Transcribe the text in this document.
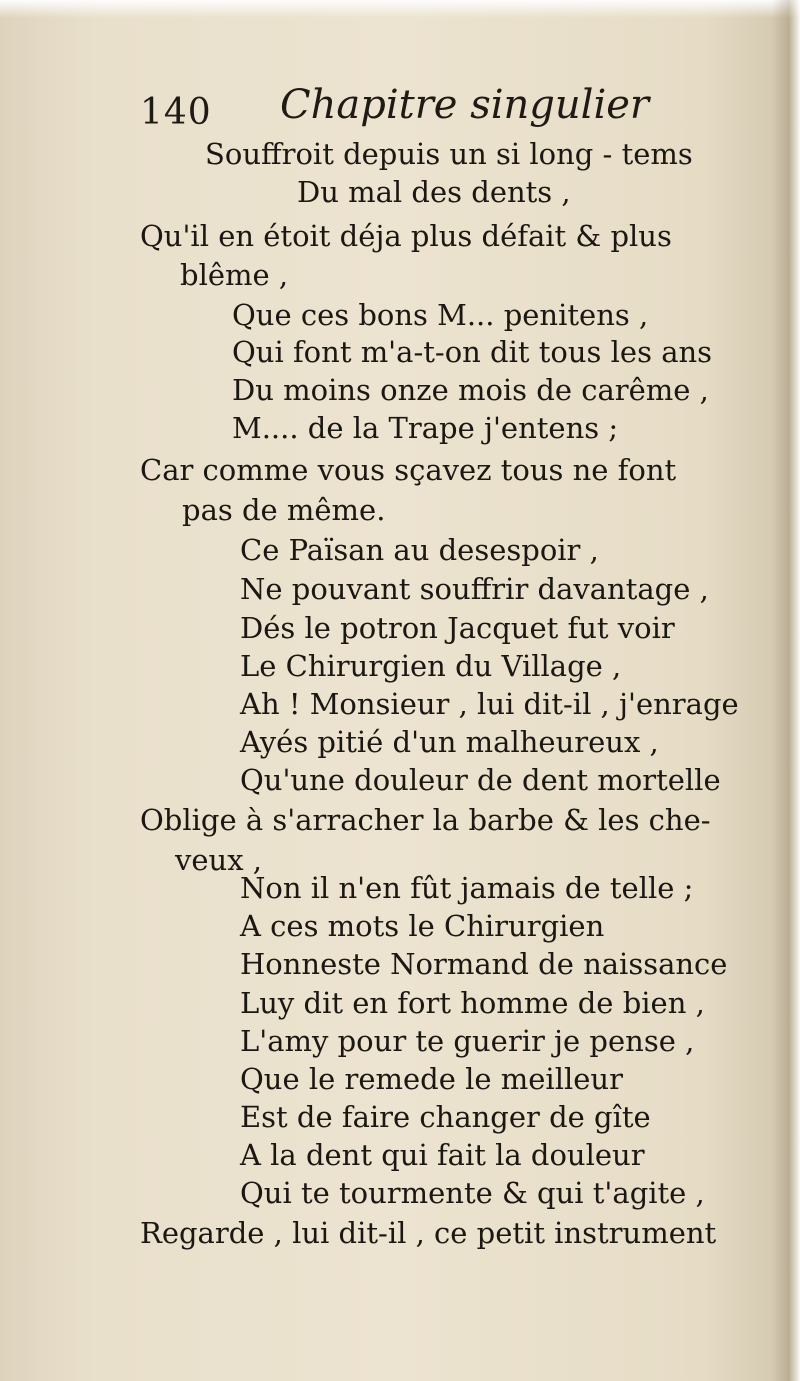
140 Chapitre singulier
Souffroit depuis un si long - tems
Du mal des dents ,
Qu'il en étoit déja plus défait & plus
blême ,
Que ces bons M... penitens ,
Qui font m'a-t-on dit tous les ans
Du moins onze mois de carême ,
M.... de la Trape j'entens ;
Car comme vous sçavez tous ne font
pas de même.
Ce Païsan au desespoir ,
Ne pouvant souffrir davantage ,
Dés le potron Jacquet fut voir
Le Chirurgien du Village ,
Ah ! Monsieur , lui dit-il , j'enrage
Ayés pitié d'un malheureux ,
Qu'une douleur de dent mortelle
Oblige à s'arracher la barbe & les che-
veux ,
Non il n'en fût jamais de telle ;
A ces mots le Chirurgien
Honneste Normand de naissance
Luy dit en fort homme de bien ,
L'amy pour te guerir je pense ,
Que le remede le meilleur
Est de faire changer de gîte
A la dent qui fait la douleur
Qui te tourmente & qui t'agite ,
Regarde , lui dit-il , ce petit instrument
